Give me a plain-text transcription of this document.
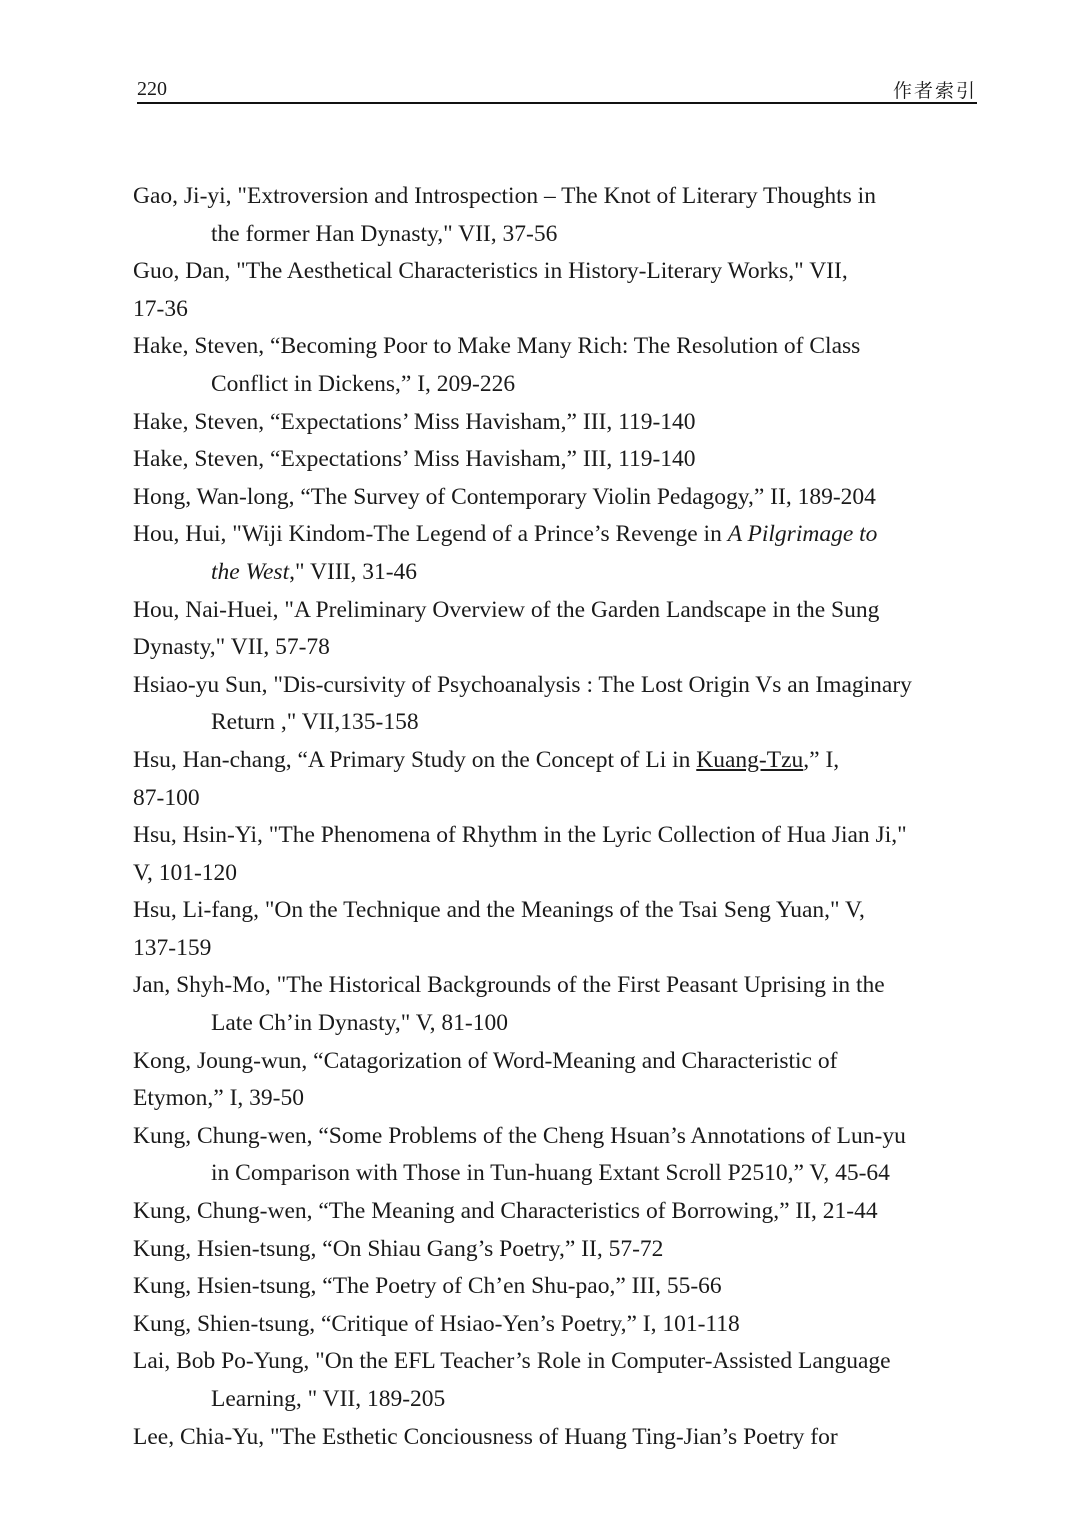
220	作者索引

Gao, Ji-yi, "Extroversion and Introspection – The Knot of Literary Thoughts in
the former Han Dynasty," VII, 37-56

Guo, Dan, "The Aesthetical Characteristics in History-Literary Works," VII,
17-36

Hake, Steven, “Becoming Poor to Make Many Rich: The Resolution of Class
Conflict in Dickens,” I, 209-226

Hake, Steven, “Expectations’ Miss Havisham,” III, 119-140

Hake, Steven, “Expectations’ Miss Havisham,” III, 119-140

Hong, Wan-long, “The Survey of Contemporary Violin Pedagogy,” II, 189-204

Hou, Hui, "Wiji Kindom-The Legend of a Prince’s Revenge in A Pilgrimage to
the West," VIII, 31-46

Hou, Nai-Huei, "A Preliminary Overview of the Garden Landscape in the Sung
Dynasty," VII, 57-78

Hsiao-yu Sun, "Dis-cursivity of Psychoanalysis : The Lost Origin Vs an Imaginary
Return ," VII,135-158

Hsu, Han-chang, “A Primary Study on the Concept of Li in Kuang-Tzu,” I,
87-100

Hsu, Hsin-Yi, "The Phenomena of Rhythm in the Lyric Collection of Hua Jian Ji,"
V, 101-120

Hsu, Li-fang, "On the Technique and the Meanings of the Tsai Seng Yuan," V,
137-159

Jan, Shyh-Mo, "The Historical Backgrounds of the First Peasant Uprising in the
Late Ch’in Dynasty," V, 81-100

Kong, Joung-wun, “Catagorization of Word-Meaning and Characteristic of
Etymon,” I, 39-50

Kung, Chung-wen, “Some Problems of the Cheng Hsuan’s Annotations of Lun-yu
in Comparison with Those in Tun-huang Extant Scroll P2510,” V, 45-64

Kung, Chung-wen, “The Meaning and Characteristics of Borrowing,” II, 21-44

Kung, Hsien-tsung, “On Shiau Gang’s Poetry,” II, 57-72

Kung, Hsien-tsung, “The Poetry of Ch’en Shu-pao,” III, 55-66

Kung, Shien-tsung, “Critique of Hsiao-Yen’s Poetry,” I, 101-118

Lai, Bob Po-Yung, "On the EFL Teacher’s Role in Computer-Assisted Language
Learning, " VII, 189-205

Lee, Chia-Yu, "The Esthetic Conciousness of Huang Ting-Jian’s Poetry for
